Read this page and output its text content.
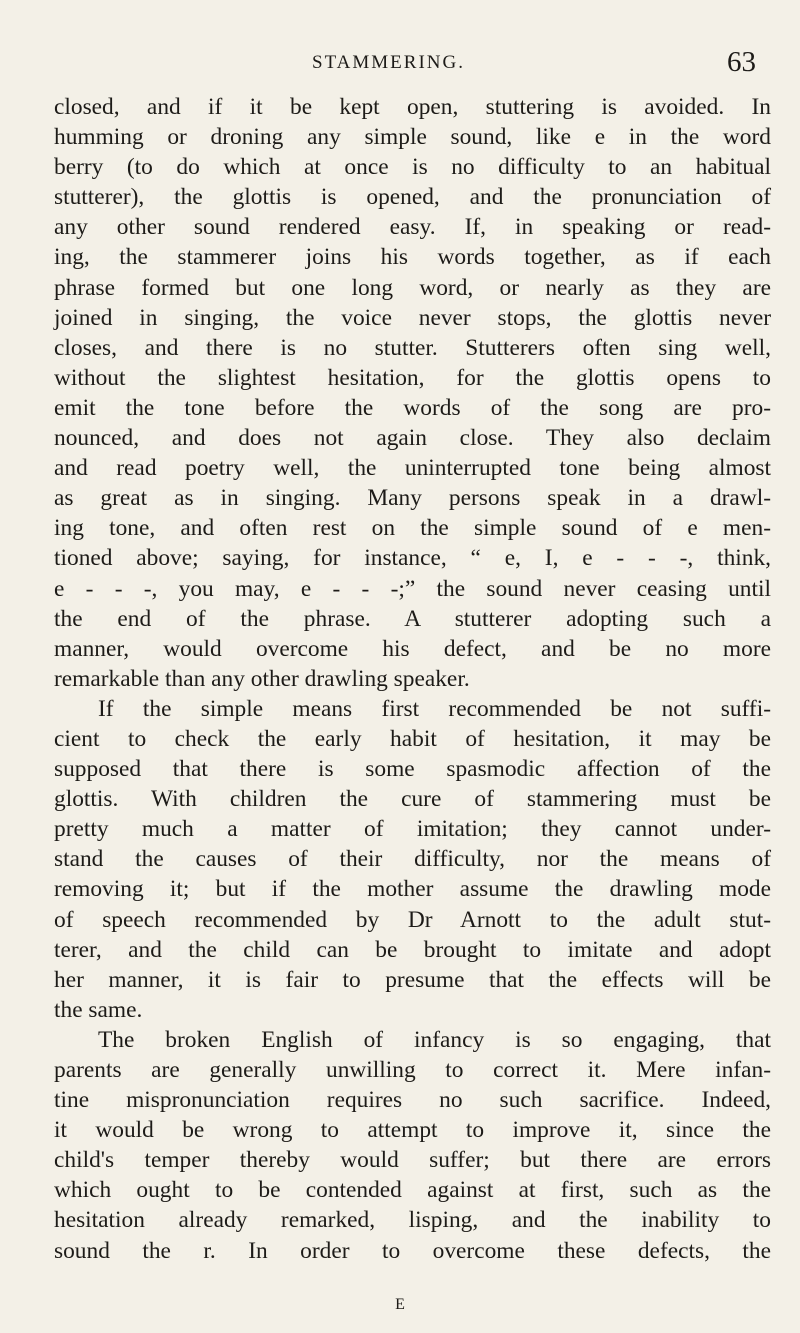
STAMMERING.	63
closed, and if it be kept open, stuttering is avoided. In
humming or droning any simple sound, like e in the word
berry (to do which at once is no difficulty to an habitual
stutterer), the glottis is opened, and the pronunciation of
any other sound rendered easy. If, in speaking or read-
ing, the stammerer joins his words together, as if each
phrase formed but one long word, or nearly as they are
joined in singing, the voice never stops, the glottis never
closes, and there is no stutter. Stutterers often sing well,
without the slightest hesitation, for the glottis opens to
emit the tone before the words of the song are pro-
nounced, and does not again close. They also declaim
and read poetry well, the uninterrupted tone being almost
as great as in singing. Many persons speak in a drawl-
ing tone, and often rest on the simple sound of e men-
tioned above; saying, for instance, “ e, I, e - - -, think,
e - - -, you may, e - - -;” the sound never ceasing until
the end of the phrase. A stutterer adopting such a
manner, would overcome his defect, and be no more
remarkable than any other drawling speaker.
If the simple means first recommended be not suffi-
cient to check the early habit of hesitation, it may be
supposed that there is some spasmodic affection of the
glottis. With children the cure of stammering must be
pretty much a matter of imitation; they cannot under-
stand the causes of their difficulty, nor the means of
removing it; but if the mother assume the drawling mode
of speech recommended by Dr Arnott to the adult stut-
terer, and the child can be brought to imitate and adopt
her manner, it is fair to presume that the effects will be
the same.
The broken English of infancy is so engaging, that
parents are generally unwilling to correct it. Mere infan-
tine mispronunciation requires no such sacrifice. Indeed,
it would be wrong to attempt to improve it, since the
child's temper thereby would suffer; but there are errors
which ought to be contended against at first, such as the
hesitation already remarked, lisping, and the inability to
sound the r. In order to overcome these defects, the
E
